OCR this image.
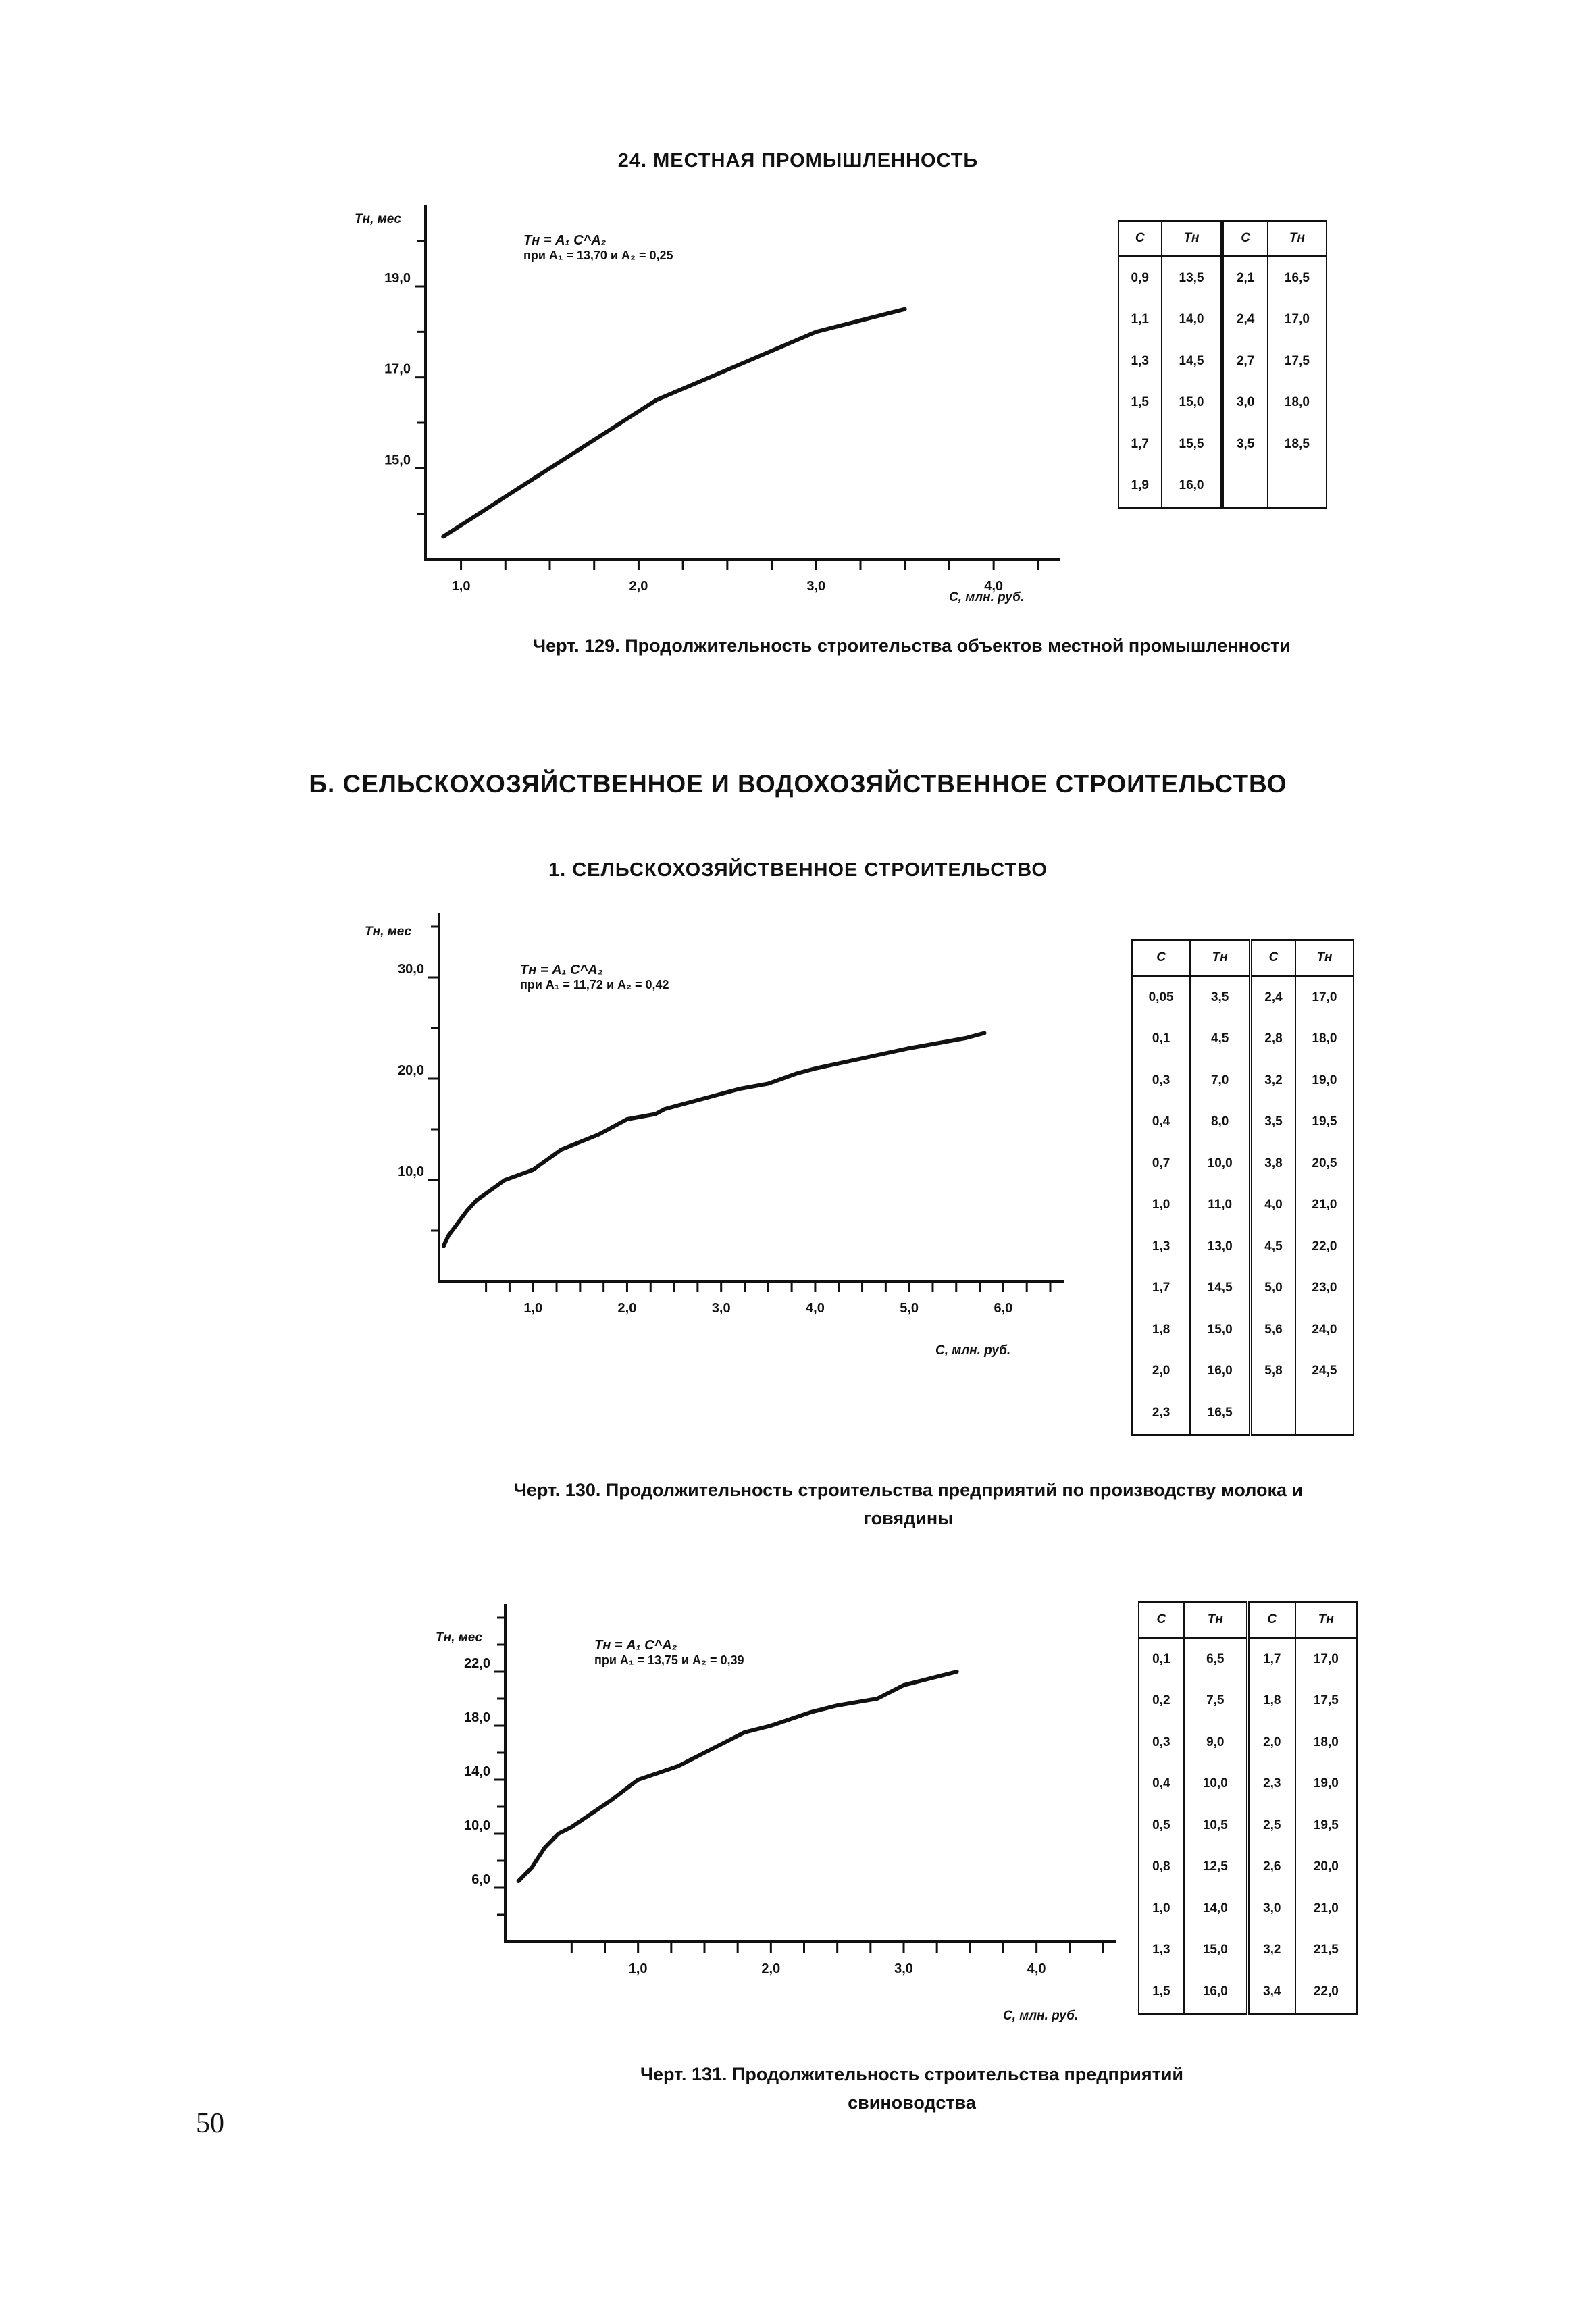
24. МЕСТНАЯ ПРОМЫШЛЕННОСТЬ
Б. СЕЛЬСКОХОЗЯЙСТВЕННОЕ И ВОДОХОЗЯЙСТВЕННОЕ СТРОИТЕЛЬСТВО
1. СЕЛЬСКОХОЗЯЙСТВЕННОЕ СТРОИТЕЛЬСТВО
1,0	2,0	3,0	4,0
19,0
17,0
15,0
Тн, мес
С, млн. руб.
1,0	2,0	3,0	4,0	5,0	6,0
30,0
20,0
10,0
Тн, мес
С, млн. руб.
1,0	2,0	3,0	4,0
22,0
18,0
14,0
10,0
6,0
Тн, мес
С, млн. руб.
Тн = А₁ С^А₂
при А₁ = 13,70 и А₂ = 0,25
С	Тн	С	Тн
0,9	13,5	2,1	16,5
1,1	14,0	2,4	17,0
1,3	14,5	2,7	17,5
1,5	15,0	3,0	18,0
1,7	15,5	3,5	18,5
1,9	16,0		

Черт. 129. Продолжительность строительства объектов местной промышленности

Тн = А₁ С^А₂
при А₁ = 11,72 и А₂ = 0,42
С	Тн	С	Тн
0,05	3,5	2,4	17,0
0,1	4,5	2,8	18,0
0,3	7,0	3,2	19,0
0,4	8,0	3,5	19,5
0,7	10,0	3,8	20,5
1,0	11,0	4,0	21,0
1,3	13,0	4,5	22,0
1,7	14,5	5,0	23,0
1,8	15,0	5,6	24,0
2,0	16,0	5,8	24,5
2,3	16,5		

Черт. 130. Продолжительность строительства предприятий по производству молока и говядины

Тн = А₁ С^А₂
при А₁ = 13,75 и А₂ = 0,39
С	Тн	С	Тн
0,1	6,5	1,7	17,0
0,2	7,5	1,8	17,5
0,3	9,0	2,0	18,0
0,4	10,0	2,3	19,0
0,5	10,5	2,5	19,5
0,8	12,5	2,6	20,0
1,0	14,0	3,0	21,0
1,3	15,0	3,2	21,5
1,5	16,0	3,4	22,0

Черт. 131. Продолжительность строительства предприятий свиноводства

50
